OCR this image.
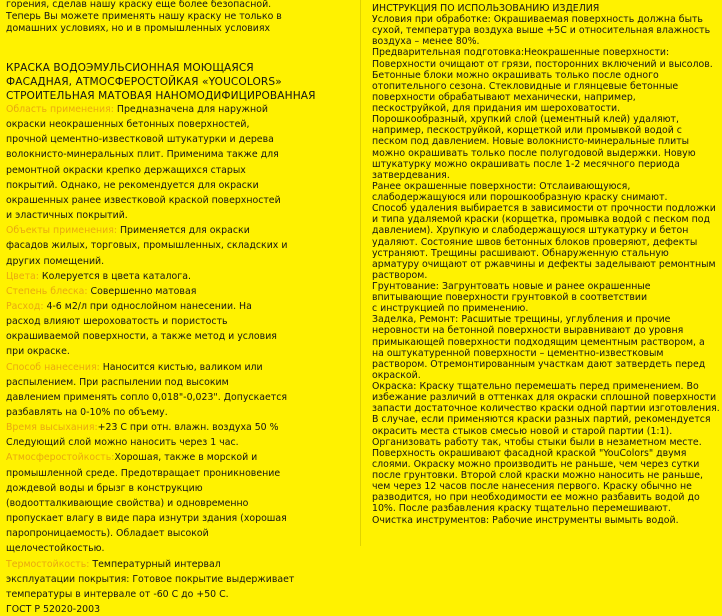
горения, сделав нашу краску еще более безопасной.
Теперь Вы можете применять нашу краску не только в
домашних условиях, но и в промышленных условиях
КРАСКА ВОДОЭМУЛЬСИОННАЯ МОЮЩАЯСЯ
ФАСАДНАЯ, АТМОСФЕРОСТОЙКАЯ «YOUCOLORS»
СТРОИТЕЛЬНАЯ МАТОВАЯ НАНОМОДИФИЦИРОВАННАЯ
Область применения: Предназначена для наружной
окраски неокрашенных бетонных поверхностей,
прочной цементно-известковой штукатурки и дерева
волокнисто-минеральных плит. Применима также для
ремонтной окраски крепко держащихся старых
покрытий. Однако, не рекомендуется для окраски
окрашенных ранее известковой краской поверхностей
и эластичных покрытий.
Объекты применения: Применяется для окраски
фасадов жилых, торговых, промышленных, складских и
других помещений.
Цвета: Колеруется в цвета каталога.
Степень блеска: Совершенно матовая
Расход: 4-6 м2/л при однослойном нанесении. На
расход влияют шероховатость и пористость
окрашиваемой поверхности, а также метод и условия
при окраске.
Способ нанесения: Наносится кистью, валиком или
распылением. При распылении под высоким
давлением применять сопло 0,018"-0,023". Допускается
разбавлять на 0-10% по объему.
Время высыхания:+23 С при отн. влажн. воздуха 50 %
Следующий слой можно наносить через 1 час.
Атмосферостойкость:Хорошая, также в морской и
промышленной среде. Предотвращает проникновение
дождевой воды и брызг в конструкцию
(водоотталкивающие свойства) и одновременно
пропускает влагу в виде пара изнутри здания (хорошая
паропроницаемость). Обладает высокой
щелочестойкостью.
Термостойкость: Температурный интервал
эксплуатации покрытия: Готовое покрытие выдерживает
температуры в интервале от -60 С до +50 С.
ГОСТ Р 52020-2003
ИНСТРУКЦИЯ ПО ИСПОЛЬЗОВАНИЮ ИЗДЕЛИЯ
Условия при обработке: Окрашиваемая поверхность должна быть
сухой, температура воздуха выше +5С и относительная влажность
воздуха – менее 80%.
Предварительная подготовка:Неокрашенные поверхности:
Поверхности очищают от грязи, посторонних включений и высолов.
Бетонные блоки можно окрашивать только после одного
отопительного сезона. Стекловидные и глянцевые бетонные
поверхности обрабатывают механически, например,
пескоструйкой, для придания им шероховатости.
Порошкообразный, хрупкий слой (цементный клей) удаляют,
например, пескоструйкой, корщеткой или промывкой водой с
песком под давлением. Новые волокнисто-минеральные плиты
можно окрашивать только после полугодовой выдержки. Новую
штукатурку можно окрашивать после 1-2 месячного периода
затвердевания.
Ранее окрашенные поверхности: Отслаивающуюся,
слабодержащуюся или порошкообразную краску снимают.
Способ удаления выбирается в зависимости от прочности подложки
и типа удаляемой краски (корщетка, промывка водой с песком под
давлением). Хрупкую и слабодержащуюся штукатурку и бетон
удаляют. Состояние швов бетонных блоков проверяют, дефекты
устраняют. Трещины расшивают. Обнаруженную стальную
арматуру очищают от ржавчины и дефекты заделывают ремонтным
раствором.
Грунтование: Загрунтовать новые и ранее окрашенные
впитывающие поверхности грунтовкой в соответствии
с инструкцией по применению.
Заделка, Ремонт: Расшитые трещины, углубления и прочие
неровности на бетонной поверхности выравнивают до уровня
примыкающей поверхности подходящим цементным раствором, а
на оштукатуренной поверхности – цементно-известковым
раствором. Отремонтированным участкам дают затвердеть перед
окраской.
Окраска: Краску тщательно перемешать перед применением. Во
избежание различий в оттенках для окраски сплошной поверхности
запасти достаточное количество краски одной партии изготовления.
В случае, если применяются краски разных партий, рекомендуется
окрасить места стыков смесью новой и старой партии (1:1).
Организовать работу так, чтобы стыки были в незаметном месте.
Поверхность окрашивают фасадной краской "YouColors" двумя
слоями. Окраску можно производить не раньше, чем через сутки
после грунтовки. Второй слой краски можно наносить не раньше,
чем через 12 часов после нанесения первого. Краску обычно не
разводится, но при необходимости ее можно разбавить водой до
10%. После разбавления краску тщательно перемешивают.
Очистка инструментов: Рабочие инструменты вымыть водой.
